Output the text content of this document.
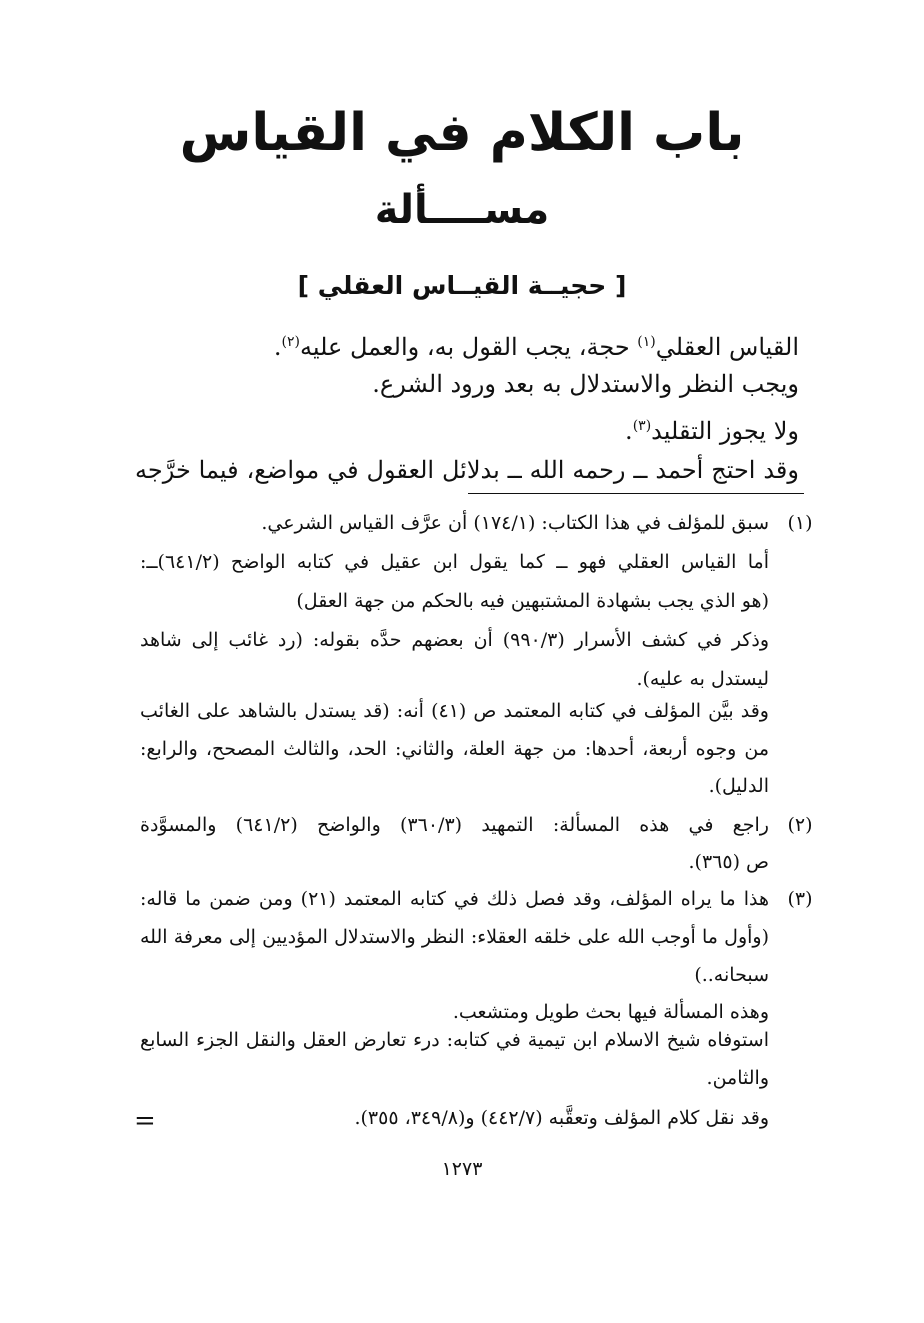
باب الكلام في القياس
مســــألة
[ حجيــة القيــاس العقلي ]
القياس العقلي$^{(١)}$ حجة، يجب القول به، والعمل عليه$^{(٢)}$.
ويجب النظر والاستدلال به بعد ورود الشرع.
ولا يجوز التقليد$^{(٣)}$.
وقد احتج أحمد ــ رحمه الله ــ بدلائل العقول في مواضع، فيما خرَّجه
(١)
سبق للمؤلف في هذا الكتاب: (١٧٤/١) أن عرَّف القياس الشرعي.
أما القياس العقلي فهو ــ كما يقول ابن عقيل في كتابه الواضح (٦٤١/٢)ــ:
(هو الذي يجب بشهادة المشتبهين فيه بالحكم من جهة العقل)
وذكر في كشف الأسرار (٩٩٠/٣) أن بعضهم حدَّه بقوله: (رد غائب إلى شاهد
ليستدل به عليه).
وقد بيَّن المؤلف في كتابه المعتمد ص (٤١) أنه: (قد يستدل بالشاهد على الغائب
من وجوه أربعة، أحدها: من جهة العلة، والثاني: الحد، والثالث المصحح، والرابع:
الدليل).
(٢)
راجع في هذه المسألة: التمهيد (٣٦٠/٣) والواضح (٦٤١/٢) والمسوَّدة
ص (٣٦٥).
(٣)
هذا ما يراه المؤلف، وقد فصل ذلك في كتابه المعتمد (٢١) ومن ضمن ما قاله:
(وأول ما أوجب الله على خلقه العقلاء: النظر والاستدلال المؤديين إلى معرفة الله
سبحانه..)
وهذه المسألة فيها بحث طويل ومتشعب.
استوفاه شيخ الاسلام ابن تيمية في كتابه: درء تعارض العقل والنقل الجزء السابع
والثامن.
وقد نقل كلام المؤلف وتعقَّبه (٤٤٢/٧) و(٣٤٩/٨، ٣٥٥).
=
١٢٧٣
